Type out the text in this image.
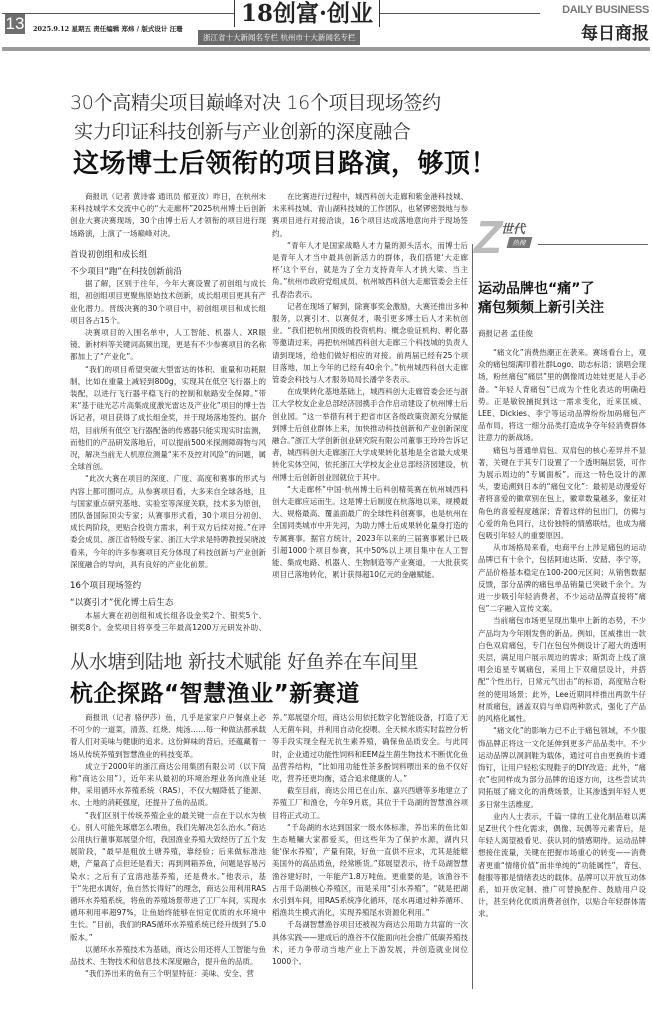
13 2025.9.12 星期五 责任编辑 郑炜 / 版式设计 汪珊
18创富·创业
浙江省十大新闻名专栏 杭州市十大新闻名专栏
DAILY BUSINESS
每日商报
30个高精尖项目巅峰对决 16个项目现场签约
实力印证科技创新与产业创新的深度融合
这场博士后领衔的项目路演，够顶！

商报讯（记者 黄诗睿 通讯员 郁亚汝）昨日，在杭州未来科技城学术交流中心的“大走廊杯”2025杭州博士后创新创业大赛决赛现场，30个由博士后人才领衔的项目进行现场路演，上演了一场巅峰对决。

首设初创组和成长组

不少项目“跑”在科技创新前沿

据了解，区别于往年，今年大赛设置了初创组与成长组，初创组项目更聚焦原始技术创新，成长组项目更具有产业化潜力。晋级决赛的30个项目中，初创组项目和成长组项目各占15个。

决赛项目的入围名单中，人工智能、机器人、XR眼镜、新材料等关键词高频出现，更是有不少参赛项目的名称都加上了“产业化”。

“我们的项目希望突破大型雷达的体积、重量和功耗限制，比如在重量上减轻到800g，实现其在低空飞行器上的装配，以进行飞行器平稳飞行的控制和航路安全保障。”带来“基于硅光芯片高集成度激光雷达及产业化”项目的博士告诉记者，项目获得了成长组金奖，并于现场落地签约。据介绍，目前所有低空飞行器配备的传感器只能实现实时监测，而他们的产品研发落地后，可以提前500米探测障碍物与风况，解决当前无人机原位测量“来不及控对风险”的问题，属全球首创。

“此次大赛在项目的深度、广度、高度和赛事的形式与内容上都可圈可点。从参赛项目看，大多来自全球各地，且与国家重点研究基地、实验室等深度关联，技术多为原创，团队备国际顶尖专家；从赛事形式看，30个项目分初创、成长两阶段，更贴合投资方需求，利于双方后续对接。”在评委会成员、浙江省特级专家、浙江大学求是特聘教授吴晓波看来，今年的许多参赛项目充分体现了科技创新与产业创新深度融合的导向，具有良好的产业化前景。

16个项目现场签约

“以赛引才”优化博士后生态

本届大赛在初创组和成长组各设金奖2个、银奖5个、铜奖8个。金奖项目将享受三年最高1200万元研发补助、

在比赛进行过程中，城西科创大走廊和紫金港科技城、未来科技城、青山湖科技城的工作团队，也紧锣密鼓地与参赛项目进行对接洽谈，16个项目达成落地意向并于现场签约。

“青年人才是国家战略人才力量的源头活水，而博士后是青年人才当中最具创新活力的群体，我们搭建‘大走廊杯’这个平台，就是为了全力支持青年人才挑大梁、当主角。”杭州市政府党组成员、杭州城西科创大走廊管委会主任孔春浩表示。

记者在现场了解到，除赛事奖金激励，大赛还推出多种服务，以赛引才、以赛促才，吸引更多博士后人才来杭创业。“我们把杭州顶级的投资机构、概念验证机构、孵化器等邀请过来，再把杭州城西科创大走廊三个科技城的负责人请到现场，给他们做好相应的对接。前两届已经有25个项目落地，加上今年的已经有40余个。”杭州城西科创大走廊管委会科技与人才服务局局长潘学冬表示。

在成果转化基地基础上，城西科创大走廊管委会还与浙江大学校友企业总部经济园携手合作启动建设了杭州博士后创业园。“这一举措有利于把省市区各级政策资源充分赋能到博士后创业群体上来，加快推动科技创新和产业创新深度融合。”浙江大学创新创业研究院有限公司董事王玲玲告诉记者，城西科创大走廊浙江大学成果转化基地是全省最大成果转化实体空间，依托浙江大学校友企业总部经济园建设，杭州博士后创新创业园就位于其中。

“大走廊杯”中国·杭州博士后科创精英赛在杭州城西科创大走廊应运而生。这是博士后制度在杭落地以来，规模最大、规格最高、覆盖面最广的全球性科创赛事，也是杭州在全国同类城市中开先河，为助力博士后成果转化量身打造的专属赛事。据官方统计，2023年以来的三届赛事累计已吸引超1000个项目参赛，其中50%以上项目集中在人工智能、集成电路、机器人、生物制造等产业赛道，一大批获奖项目已落地转化，累计获得超10亿元的金融赋能。

Z
世代
热搜
运动品牌也“痛”了
痛包频频上新引关注
商报记者 孟佳俊

“痛文化”消费热潮正在袭来。赛场看台上，观众的痛包缀满印着社群Logo、助志标语；演唱会现场，粉丝痛包“痛层”里的偶像周边娃娃更是人手必备。“年轻人背痛包”已成为个性化表达的明确趋势。正是敏锐捕捉到这一需求变化，近来匡威、LEE、Dickies、李宁等运动品牌纷纷加码痛包产品布局，将这一细分品类打造成争夺年轻消费群体注意力的新战场。

痛包与普通单肩包、双肩包的核心差异并不显著，关键在于其专门设置了一个透明隔层袋，可作为展示周边的“专属面板”。而这一特色设计的源头，要追溯到日本的“痛包文化”：最初是动漫爱好者将喜爱的徽章别在包上，徽章数量越多，象征对角色的喜爱程度越深；背着这样的包出门，仿佛与心爱的角色同行，这份独特的情感联结，也成为痛包吸引年轻人的重要原因。

从市场格局来看，电商平台上涉足痛包的运动品牌已有十余个，包括阿迪达斯、安踏、李宁等，产品价格基本稳定在100-200元区间；从销售数据反馈，部分品牌的痛包单品销量已突破千余个。为进一步吸引年轻消费者，不少运动品牌直接将“痛包”二字融入宣传文案。

当前痛包市场更呈现出集中上新的态势，不少产品均为今年刚发售的新品。例如，匡威推出一款白色双肩痛包，专门在包包外侧设计了超大的透明夹层，满足用户展示周边的需求；斯凯奇上线了演唱会追星专属痛包，采用上下双痛层设计，并搭配“个性出行，日常元气出击”的标语，高度贴合粉丝的使用场景；此外，Lee近期同样推出两款牛仔材质痛包，涵盖双肩与单肩两种款式，强化了产品的风格化属性。

“痛文化”的影响力已不止于痛包领域，不少服饰品牌正将这一文化延伸到更多产品品类中。不少运动品牌以洞洞鞋为载体，通过可自由更换的卡通饰钉，让用户轻松实现鞋子的DIY改造；此外，“痛衣”也同样成为部分品牌的追逐方向，这些尝试共同拓展了痛文化的消费场景，让其渗透到年轻人更多日常生活维度。

业内人士表示，千篇一律的工业化制品难以满足Z世代个性化需求，偶像、玩偶等元素背后，是年轻人渴望被看见、获认同的情感期待。运动品牌想接住流量，关键在把握市场重心的转变——消费者更重“情绪价值”而非单纯的“功能属性”，背包、鞋服等都是情绪表达的载体。品牌可以开放互动体系，如开放定制、推广可替换配件、鼓励用户设计，甚至转化优质消费者创作，以贴合年轻群体需求。

从水塘到陆地 新技术赋能 好鱼养在车间里
杭企探路“智慧渔业”新赛道

商报讯（记者 骆伊莎）鱼，几乎是家家户户餐桌上必不可少的一道菜，清蒸、红烧、炖汤……每一种做法都承载着人们对美味与健康的追求。这份鲜味的背后，还蕴藏着一场从传统养殖到智慧渔业的科技变革。

成立于2000年的浙江商达公用集团有限公司（以下简称“商达公用”），近年来从最初的环境治理业务向渔业延伸，采用循环水养殖系统（RAS），不仅大幅降低了能源、水、土地的消耗强度，还提升了鱼的品质。

“我们区别于传统养殖企业的最关键一点在于以水为核心。别人可能先琢磨怎么喂鱼，我们先解决怎么治水。”商达公用执行董事郑展望介绍，我国渔业养殖大致经历了五个发展阶段，“最早是粗放土塘养殖，靠经验；后来做标准池塘，产量高了点但还是看天；再到网箱养鱼，问题是容易污染水；之后有了宜溶池基养殖，还是费水。”他表示，基于“先把水调好，鱼自然长得好”的理念，商达公用利用RAS循环水养殖系统，将鱼的养殖场景带进了工厂车间，实现水循环利用率超97%，让鱼始终能够在恒定优质的水环境中生长。“目前，我们的RAS循环水养殖系统已经升级到了5.0版本。”

以循环水养殖技术为基础，商达公用还将人工智能与鱼品技术、生物技术和信息技术深度融合，提升鱼的品质。

“我们养出来的鱼有三个明显特征：美味、安全、营

养。”郑展望介绍，商达公用依托数字化智能设备，打造了无人无菌车间，并利用自动化投喂、全天候水质实时监控分析等手段实现全程无抗生素养殖，确保鱼品质安全。与此同时，企业通过功能性饲料和EEM益生菌生物技术不断优化鱼品营养结构，“比如用功能性茶多酚饲料喂出来的鱼不仅好吃，营养还更均衡，适合追求健康的人。”

截至目前，商达公用已在山东、嘉兴西塘等多地建立了养殖工厂和渔仓，今年9月底，其位于千岛湖的智慧渔谷项目将正式动工。

“千岛湖的水达到国家一级水体标准，养出来的鱼比如生态鲢鳙大家都爱买，但这些年为了保护水源，湖内只能‘保水养殖’，产量有限，好鱼一直供不应求，尤其是能媲美国外的高品质鱼，经常断货。”郑展望表示，待千岛湖智慧渔谷建好时，一年能产1.8万吨鱼。更重要的是，该渔谷不占用千岛湖核心养殖区，而是采用“引水养殖”，“就是把湖水引到车间，用RAS系统净化循环，尾水再通过种养循环、稻渔共生模式消化，实现养殖尾水资源化利用。”

千岛湖智慧渔谷项目还被视为商达公用助力共富的一次具体实践——建成后的渔谷不仅能面向社会推广低碳养殖技术，还力争带动当地产业上下游发展，并创造就业岗位1000个。
